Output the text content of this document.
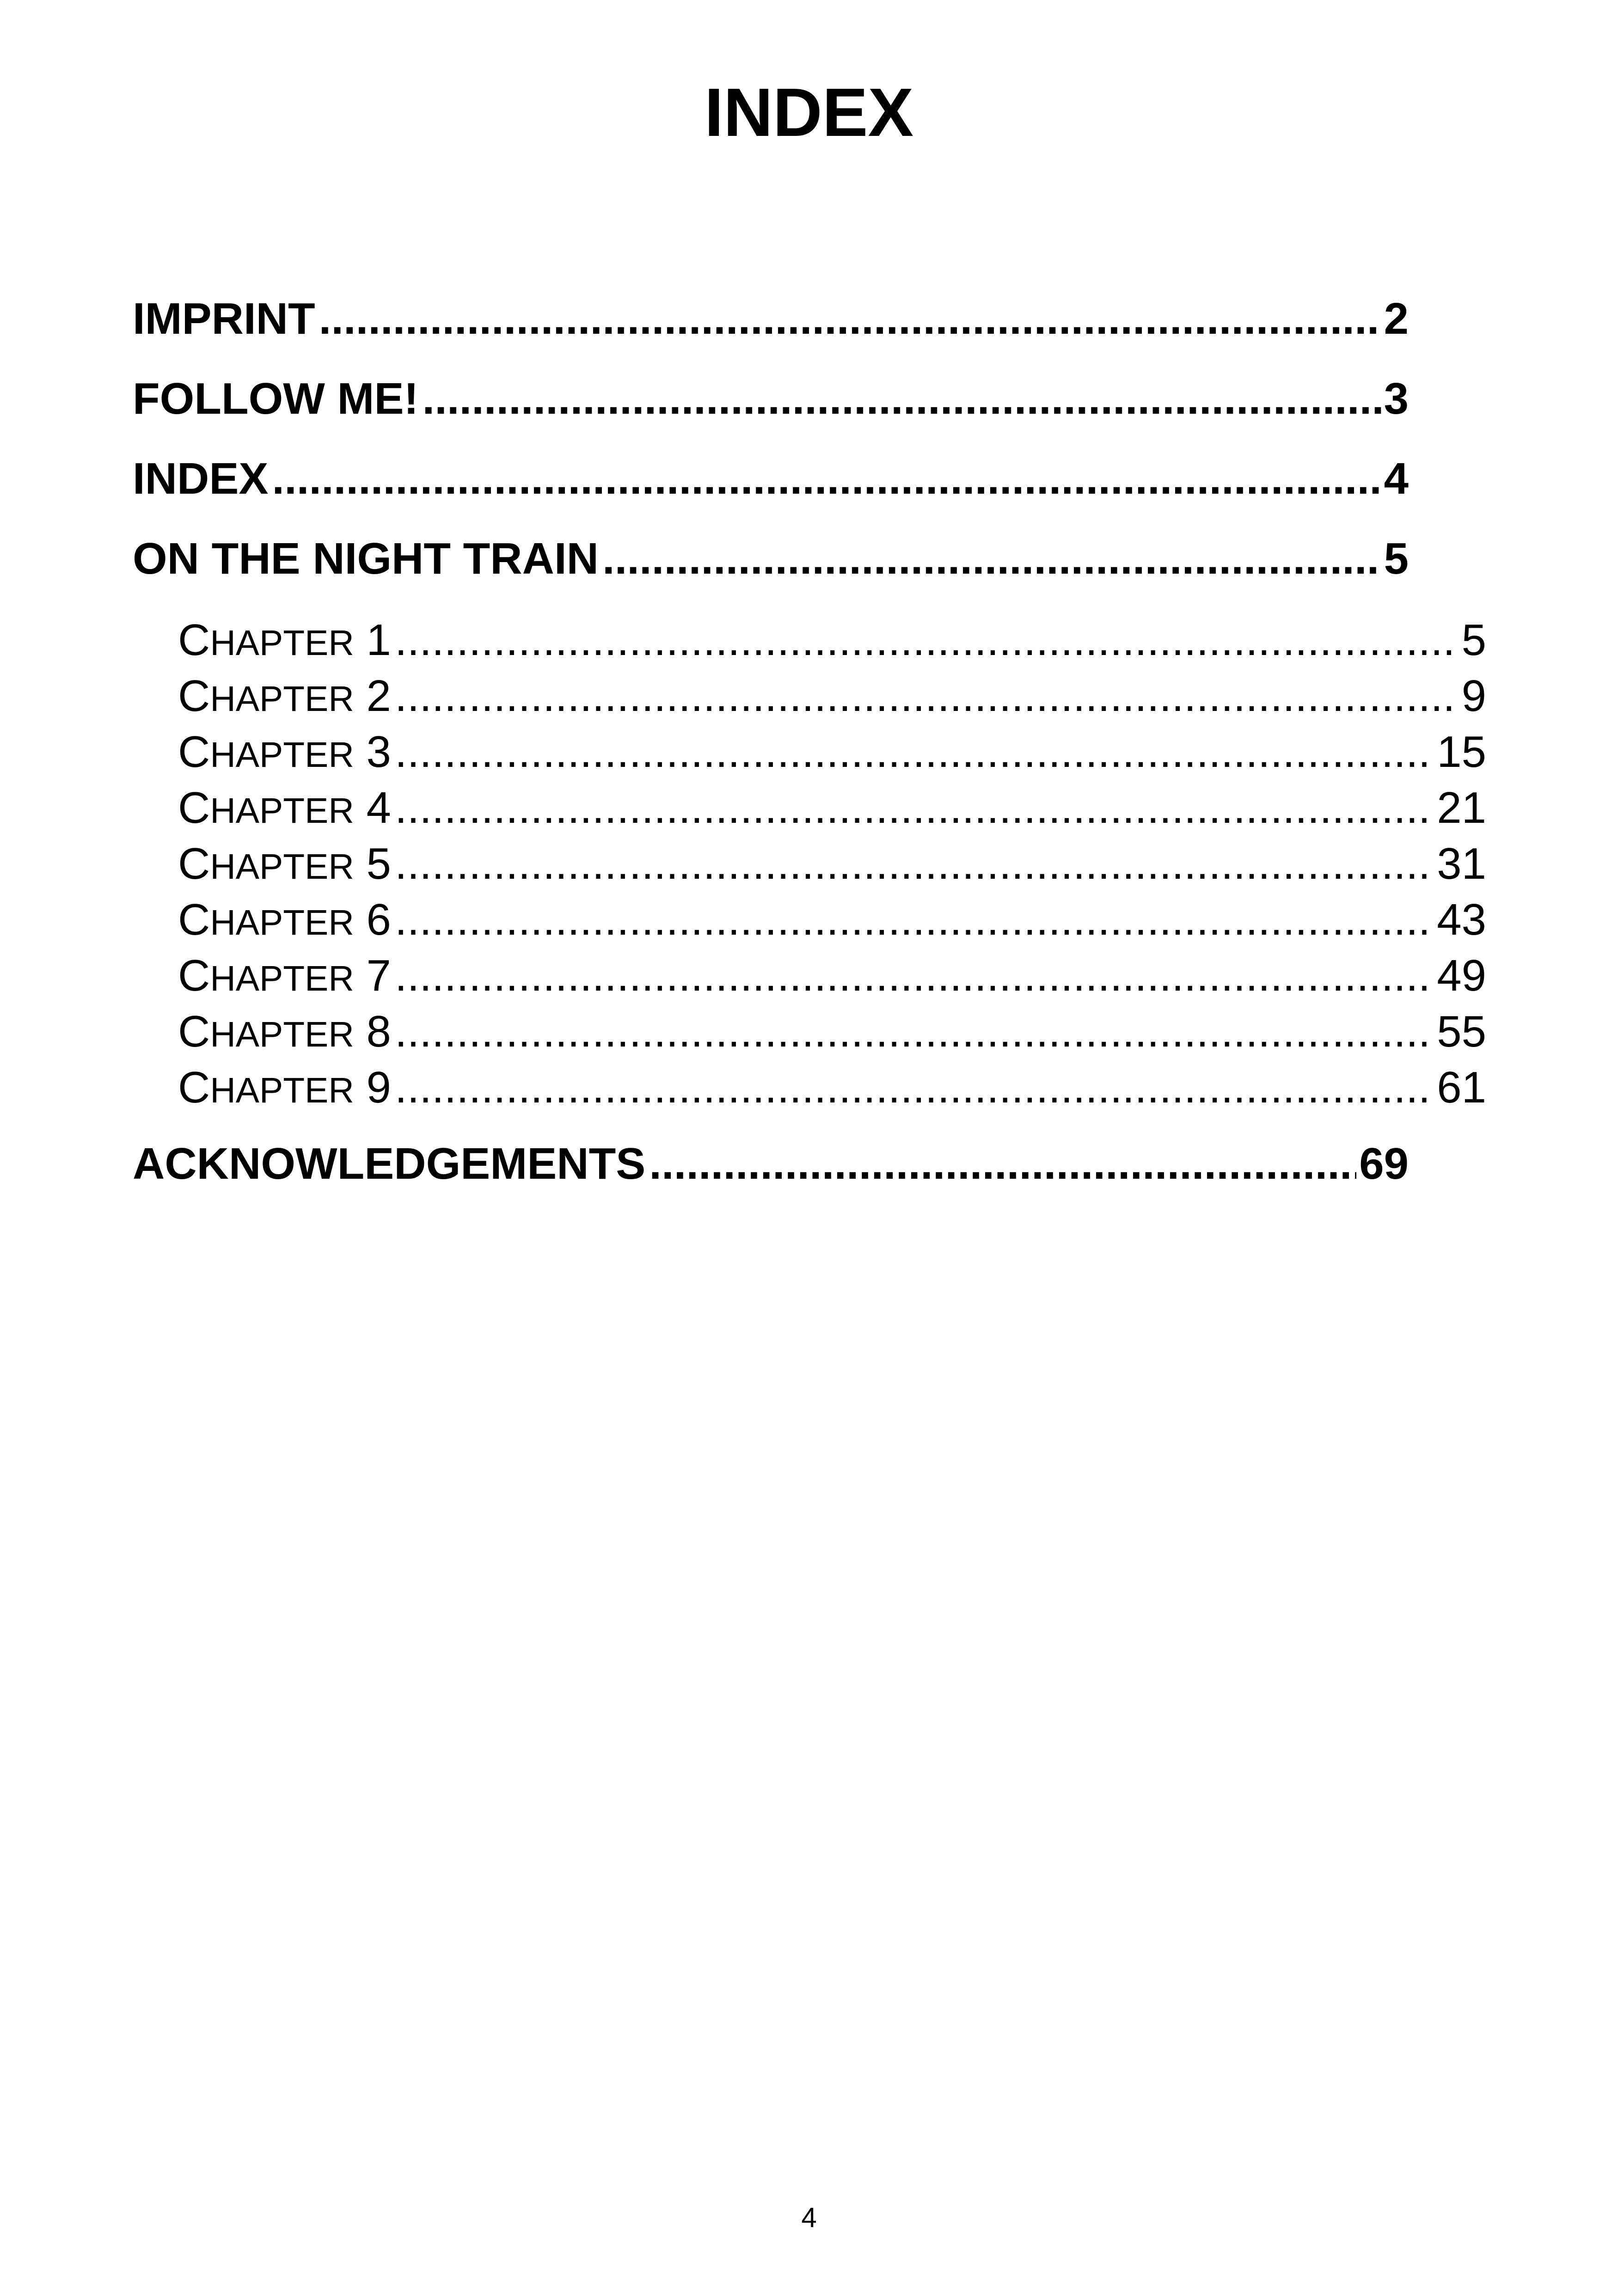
INDEX
IMPRINT .....	2
FOLLOW ME! .....	3
INDEX .....	4
ON THE NIGHT TRAIN .....	5
CHAPTER 1 .....	5
CHAPTER 2 .....	9
CHAPTER 3 .....	15
CHAPTER 4 .....	21
CHAPTER 5 .....	31
CHAPTER 6 .....	43
CHAPTER 7 .....	49
CHAPTER 8 .....	55
CHAPTER 9 .....	61
ACKNOWLEDGEMENTS .....	69
4
